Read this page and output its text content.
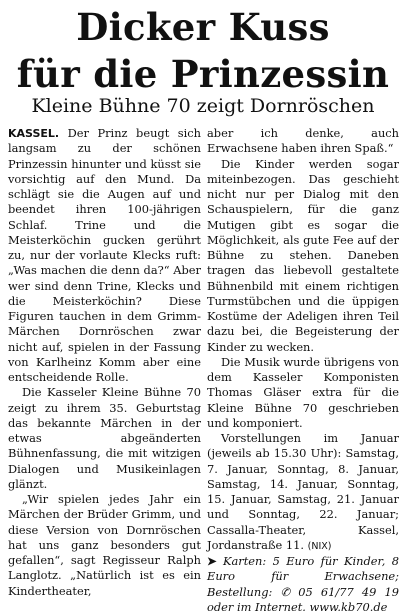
Dicker Kuss
für die Prinzessin
Kleine Bühne 70 zeigt Dornröschen

KASSEL. Der Prinz beugt sich langsam zu der schönen Prinzessin hinunter und küsst sie vorsichtig auf den Mund. Da schlägt sie die Augen auf und beendet ihren 100-jährigen Schlaf. Trine und die Meisterköchin gucken gerührt zu, nur der vorlaute Klecks ruft: „Was machen die denn da?“ Aber wer sind denn Trine, Klecks und die Meisterköchin? Diese Figuren tauchen in dem Grimm-Märchen Dornröschen zwar nicht auf, spielen in der Fassung von Karlheinz Komm aber eine entscheidende Rolle.

Die Kasseler Kleine Bühne 70 zeigt zu ihrem 35. Geburtstag das bekannte Märchen in der etwas abgeänderten Bühnenfassung, die mit witzigen Dialogen und Musikeinlagen glänzt.

„Wir spielen jedes Jahr ein Märchen der Brüder Grimm, und diese Version von Dornröschen hat uns ganz besonders gut gefallen“, sagt Regisseur Ralph Langlotz. „Natürlich ist es ein Kindertheater,

aber ich denke, auch Erwachsene haben ihren Spaß.“

Die Kinder werden sogar miteinbezogen. Das geschieht nicht nur per Dialog mit den Schauspielern, für die ganz Mutigen gibt es sogar die Möglichkeit, als gute Fee auf der Bühne zu stehen. Daneben tragen das liebevoll gestaltete Bühnenbild mit einem richtigen Turmstübchen und die üppigen Kostüme der Adeligen ihren Teil dazu bei, die Begeisterung der Kinder zu wecken.

Die Musik wurde übrigens von dem Kasseler Komponisten Thomas Gläser extra für die Kleine Bühne 70 geschrieben und komponiert.

Vorstellungen im Januar (jeweils ab 15.30 Uhr): Samstag, 7. Januar, Sonntag, 8. Januar, Samstag, 14. Januar, Sonntag, 15. Januar, Samstag, 21. Januar und Sonntag, 22. Januar; Cassalla-Theater, Kassel, Jordanstraße 11. (NIX)

➤ Karten: 5 Euro für Kinder, 8 Euro für Erwachsene; Bestellung: ✆ 05 61/77 49 19 oder im Internet. www.kb70.de
